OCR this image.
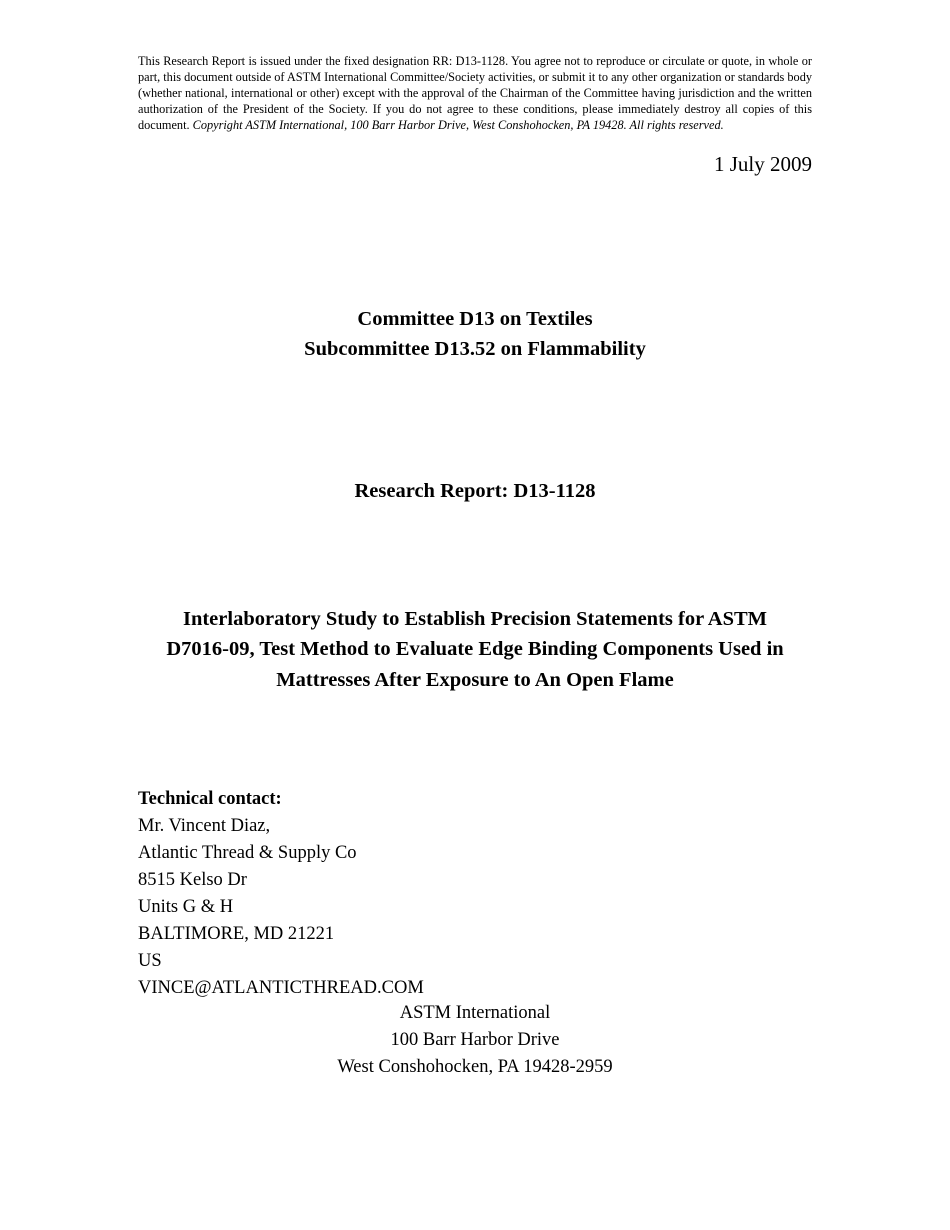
This Research Report is issued under the fixed designation RR: D13-1128. You agree not to reproduce or circulate or quote, in whole or part, this document outside of ASTM International Committee/Society activities, or submit it to any other organization or standards body (whether national, international or other) except with the approval of the Chairman of the Committee having jurisdiction and the written authorization of the President of the Society. If you do not agree to these conditions, please immediately destroy all copies of this document. Copyright ASTM International, 100 Barr Harbor Drive, West Conshohocken, PA 19428. All rights reserved.
1 July 2009
Committee D13 on Textiles
Subcommittee D13.52 on Flammability
Research Report: D13-1128
Interlaboratory Study to Establish Precision Statements for ASTM D7016-09, Test Method to Evaluate Edge Binding Components Used in Mattresses After Exposure to An Open Flame
Technical contact:
Mr. Vincent Diaz,
Atlantic Thread & Supply Co
8515 Kelso Dr
Units G & H
BALTIMORE, MD 21221
US
VINCE@ATLANTICTHREAD.COM
ASTM International
100 Barr Harbor Drive
West Conshohocken, PA 19428-2959
